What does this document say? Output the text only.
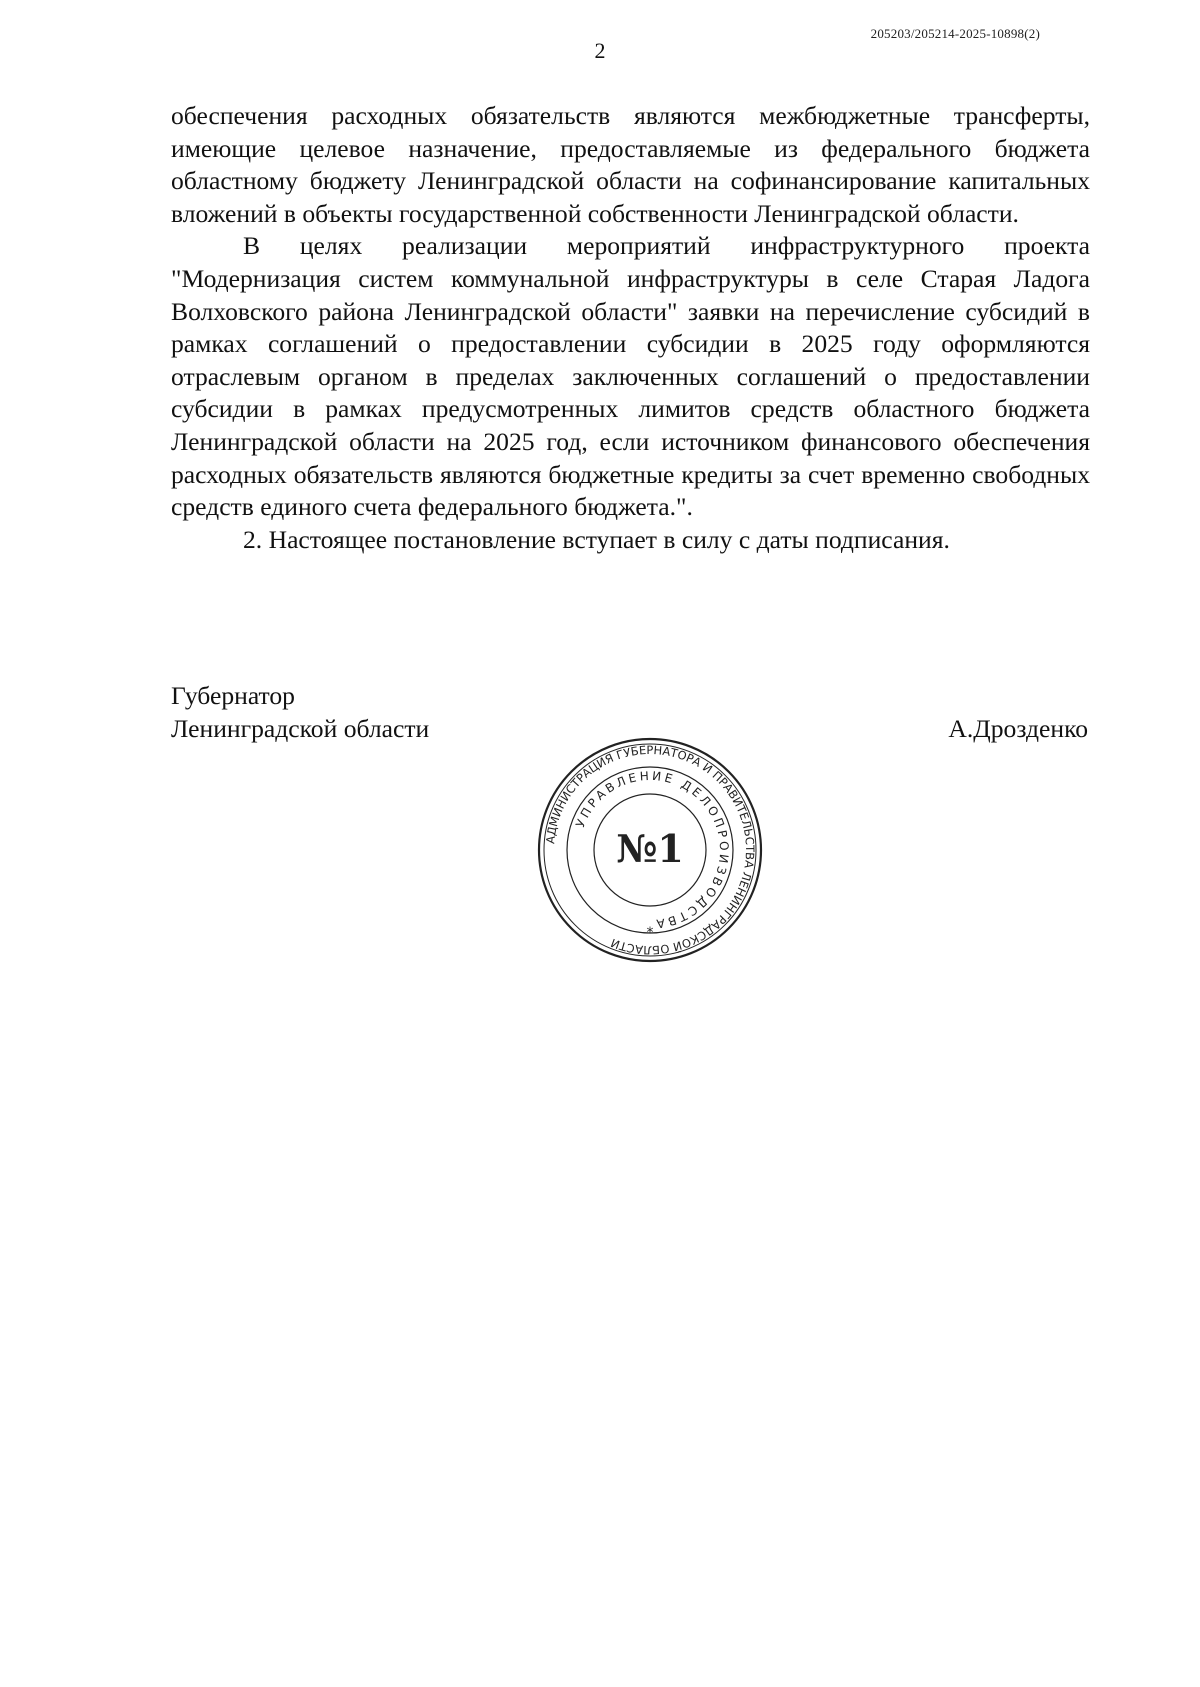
205203/205214-2025-10898(2)
2

обеспечения расходных обязательств являются межбюджетные трансферты, имеющие целевое назначение, предоставляемые из федерального бюджета областному бюджету Ленинградской области на софинансирование капитальных вложений в объекты государственной собственности Ленинградской области.

В целях реализации мероприятий инфраструктурного проекта "Модернизация систем коммунальной инфраструктуры в селе Старая Ладога Волховского района Ленинградской области" заявки на перечисление субсидий в рамках соглашений о предоставлении субсидии в 2025 году оформляются отраслевым органом в пределах заключенных соглашений о предоставлении субсидии в рамках предусмотренных лимитов средств областного бюджета Ленинградской области на 2025 год, если источником финансового обеспечения расходных обязательств являются бюджетные кредиты за счет временно свободных средств единого счета федерального бюджета.".

2. Настоящее постановление вступает в силу с даты подписания.

Губернатор
Ленинградской области	А.Дрозденко
АДМИНИСТРАЦИЯ ГУБЕРНАТОРА И ПРАВИТЕЛЬСТВА ЛЕНИНГРАДСКОЙ ОБЛАСТИ
УПРАВЛЕНИЕ ДЕЛОПРОИЗВОДСТВА
№1
*
